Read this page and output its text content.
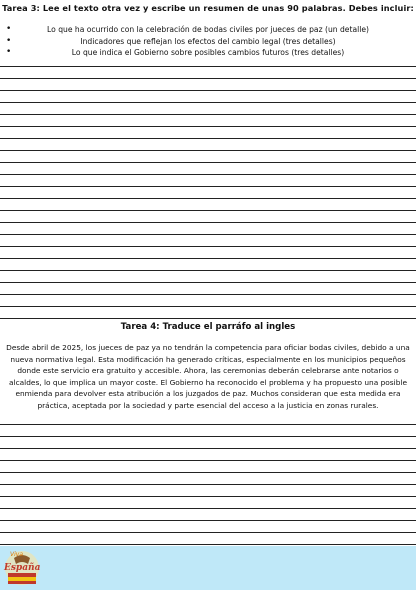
Tarea 3: Lee el texto otra vez y escribe un resumen de unas 90 palabras. Debes incluir:
•	Lo que ha ocurrido con la celebración de bodas civiles por jueces de paz (un detalle)
•	Indicadores que reflejan los efectos del cambio legal (tres detalles)
•	Lo que indica el Gobierno sobre posibles cambios futuros (tres detalles)
Tarea 4: Traduce el parráfo al ingles
Desde abril de 2025, los jueces de paz ya no tendrán la competencia para oficiar bodas civiles, debido a una nueva normativa legal. Esta modificación ha generado críticas, especialmente en los municipios pequeños donde este servicio era gratuito y accesible. Ahora, las ceremonias deberán celebrarse ante notarios o alcaldes, lo que implica un mayor coste. El Gobierno ha reconocido el problema y ha propuesto una posible enmienda para devolver esta atribución a los juzgados de paz. Muchos consideran que esta medida era práctica, aceptada por la sociedad y parte esencial del acceso a la justicia en zonas rurales.
Viva
España
